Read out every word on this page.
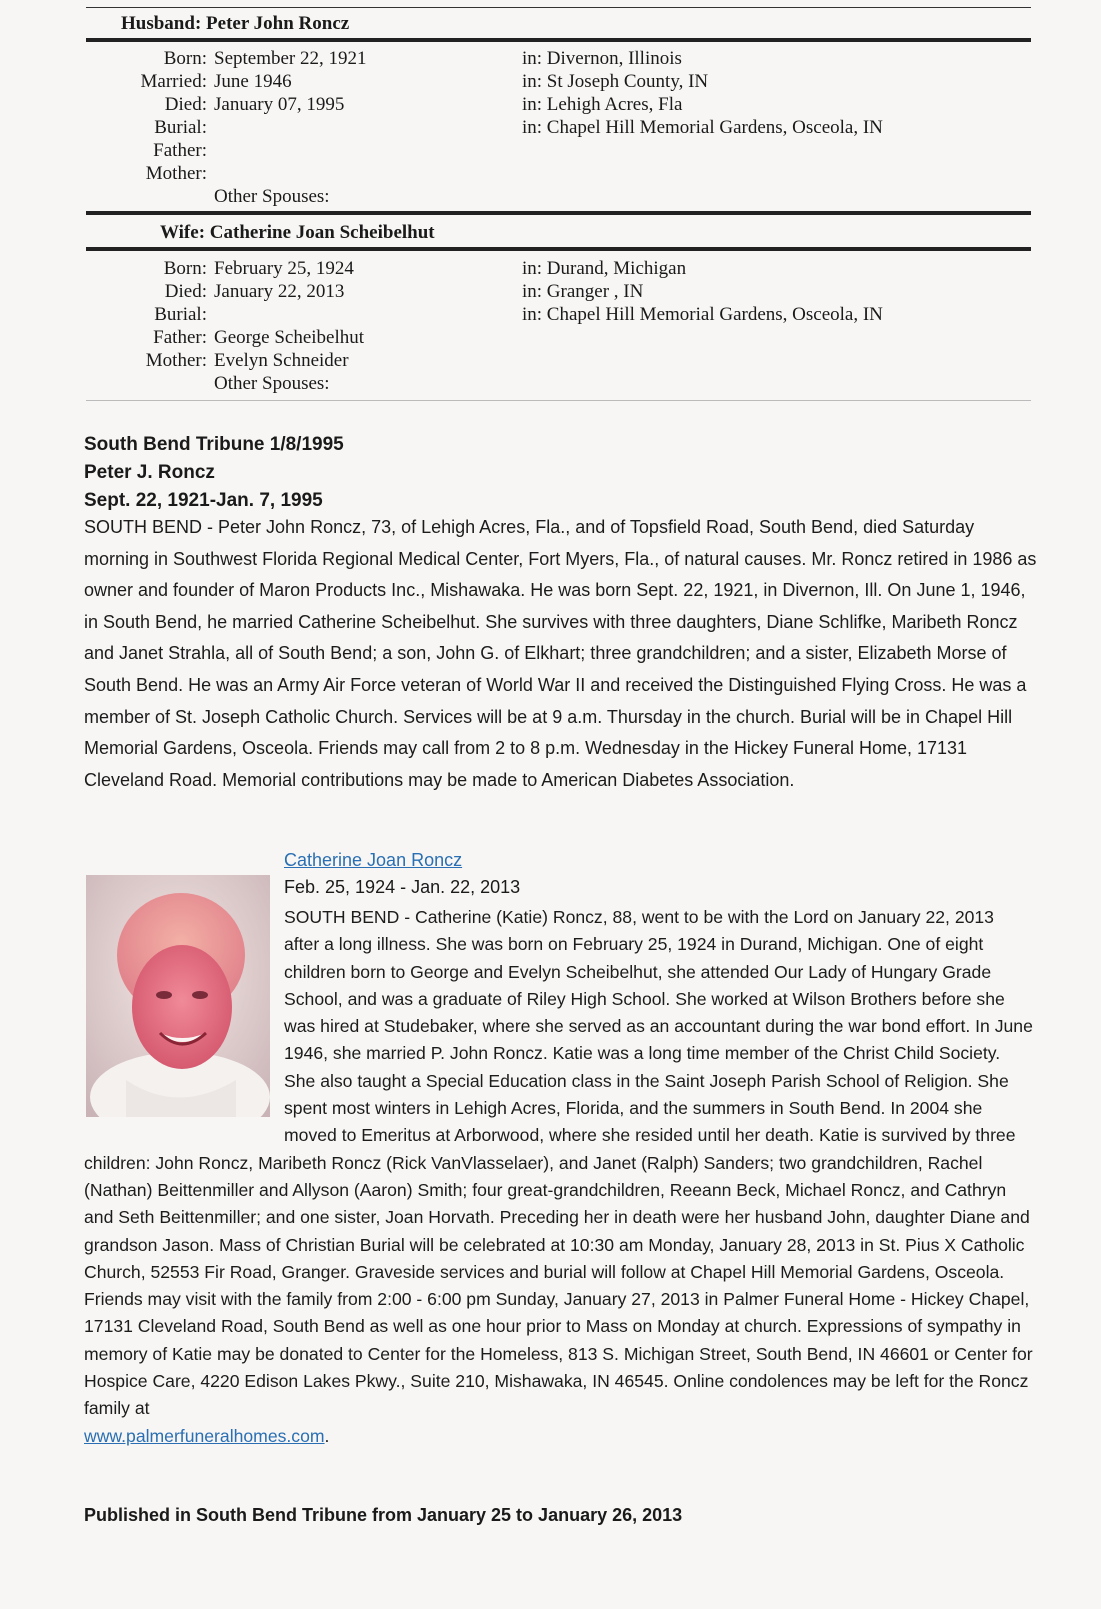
Husband: Peter John Roncz
Born: September 22, 1921	in: Divernon, Illinois
Married: June 1946	in: St Joseph County, IN
Died: January 07, 1995	in: Lehigh Acres, Fla
Burial:	in: Chapel Hill Memorial Gardens, Osceola, IN
Father:
Mother:
Other Spouses:
Wife: Catherine Joan Scheibelhut
Born: February 25, 1924	in: Durand, Michigan
Died: January 22, 2013	in: Granger , IN
Burial:	in: Chapel Hill Memorial Gardens, Osceola, IN
Father: George Scheibelhut
Mother: Evelyn Schneider
Other Spouses:
South Bend Tribune 1/8/1995
Peter J. Roncz
Sept. 22, 1921-Jan. 7, 1995
SOUTH BEND - Peter John Roncz, 73, of Lehigh Acres, Fla., and of Topsfield Road, South Bend, died Saturday morning in Southwest Florida Regional Medical Center, Fort Myers, Fla., of natural causes. Mr. Roncz retired in 1986 as owner and founder of Maron Products Inc., Mishawaka. He was born Sept. 22, 1921, in Divernon, Ill. On June 1, 1946, in South Bend, he married Catherine Scheibelhut. She survives with three daughters, Diane Schlifke, Maribeth Roncz and Janet Strahla, all of South Bend; a son, John G. of Elkhart; three grandchildren; and a sister, Elizabeth Morse of South Bend. He was an Army Air Force veteran of World War II and received the Distinguished Flying Cross. He was a member of St. Joseph Catholic Church. Services will be at 9 a.m. Thursday in the church. Burial will be in Chapel Hill Memorial Gardens, Osceola. Friends may call from 2 to 8 p.m. Wednesday in the Hickey Funeral Home, 17131 Cleveland Road. Memorial contributions may be made to American Diabetes Association.
Catherine Joan Roncz
Feb. 25, 1924 - Jan. 22, 2013
SOUTH BEND - Catherine (Katie) Roncz, 88, went to be with the Lord on January 22, 2013 after a long illness. She was born on February 25, 1924 in Durand, Michigan. One of eight children born to George and Evelyn Scheibelhut, she attended Our Lady of Hungary Grade School, and was a graduate of Riley High School. She worked at Wilson Brothers before she was hired at Studebaker, where she served as an accountant during the war bond effort. In June 1946, she married P. John Roncz. Katie was a long time member of the Christ Child Society. She also taught a Special Education class in the Saint Joseph Parish School of Religion. She spent most winters in Lehigh Acres, Florida, and the summers in South Bend. In 2004 she moved to Emeritus at Arborwood, where she resided until her death. Katie is survived by three children: John Roncz, Maribeth Roncz (Rick VanVlasselaer), and Janet (Ralph) Sanders; two grandchildren, Rachel (Nathan) Beittenmiller and Allyson (Aaron) Smith; four great-grandchildren, Reeann Beck, Michael Roncz, and Cathryn and Seth Beittenmiller; and one sister, Joan Horvath. Preceding her in death were her husband John, daughter Diane and grandson Jason. Mass of Christian Burial will be celebrated at 10:30 am Monday, January 28, 2013 in St. Pius X Catholic Church, 52553 Fir Road, Granger. Graveside services and burial will follow at Chapel Hill Memorial Gardens, Osceola. Friends may visit with the family from 2:00 - 6:00 pm Sunday, January 27, 2013 in Palmer Funeral Home - Hickey Chapel, 17131 Cleveland Road, South Bend as well as one hour prior to Mass on Monday at church. Expressions of sympathy in memory of Katie may be donated to Center for the Homeless, 813 S. Michigan Street, South Bend, IN 46601 or Center for Hospice Care, 4220 Edison Lakes Pkwy., Suite 210, Mishawaka, IN 46545. Online condolences may be left for the Roncz family at
www.palmerfuneralhomes.com.
Published in South Bend Tribune from January 25 to January 26, 2013
